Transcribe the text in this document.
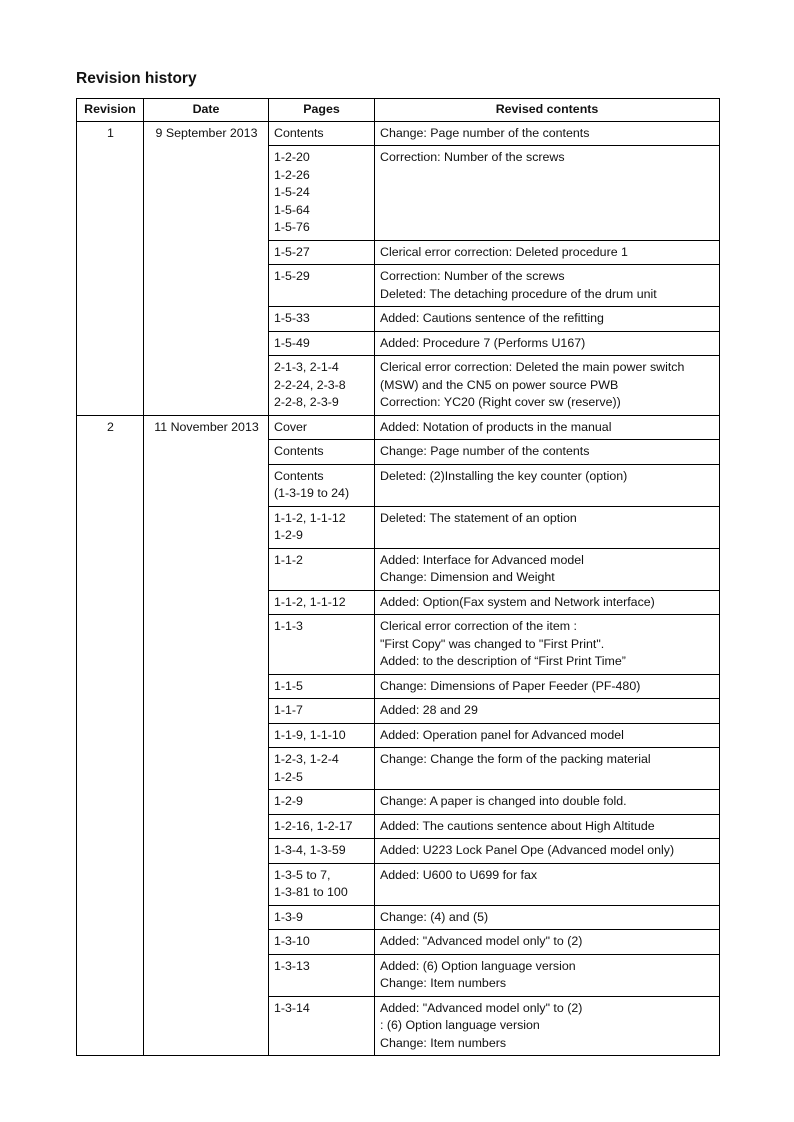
Revision history
Revision	Date	Pages	Revised contents
1	9 September 2013	Contents	Change: Page number of the contents
		1-2-20
1-2-26
1-5-24
1-5-64
1-5-76	Correction: Number of the screws
		1-5-27	Clerical error correction: Deleted procedure 1
		1-5-29	Correction: Number of the screws
Deleted: The detaching procedure of the drum unit
		1-5-33	Added: Cautions sentence of the refitting
		1-5-49	Added: Procedure 7 (Performs U167)
		2-1-3, 2-1-4
2-2-24, 2-3-8
2-2-8, 2-3-9	Clerical error correction: Deleted the main power switch
(MSW) and the CN5 on power source PWB
Correction: YC20 (Right cover sw (reserve))
2	11 November 2013	Cover	Added: Notation of products in the manual
		Contents	Change: Page number of the contents
		Contents
(1-3-19 to 24)	Deleted: (2)Installing the key counter (option)
		1-1-2, 1-1-12
1-2-9	Deleted: The statement of an option
		1-1-2	Added: Interface for Advanced model
Change: Dimension and Weight
		1-1-2, 1-1-12	Added: Option(Fax system and Network interface)
		1-1-3	Clerical error correction of the item :
"First Copy" was changed to "First Print".
Added: to the description of “First Print Time”
		1-1-5	Change: Dimensions of Paper Feeder (PF-480)
		1-1-7	Added: 28 and 29
		1-1-9, 1-1-10	Added: Operation panel for Advanced model
		1-2-3, 1-2-4
1-2-5	Change: Change the form of the packing material
		1-2-9	Change: A paper is changed into double fold.
		1-2-16, 1-2-17	Added: The cautions sentence about High Altitude
		1-3-4, 1-3-59	Added: U223 Lock Panel Ope (Advanced model only)
		1-3-5 to 7,
1-3-81 to 100	Added: U600 to U699 for fax
		1-3-9	Change: (4) and (5)
		1-3-10	Added: "Advanced model only" to (2)
		1-3-13	Added: (6) Option language version
Change: Item numbers
		1-3-14	Added: "Advanced model only" to (2)
: (6) Option language version
Change: Item numbers
